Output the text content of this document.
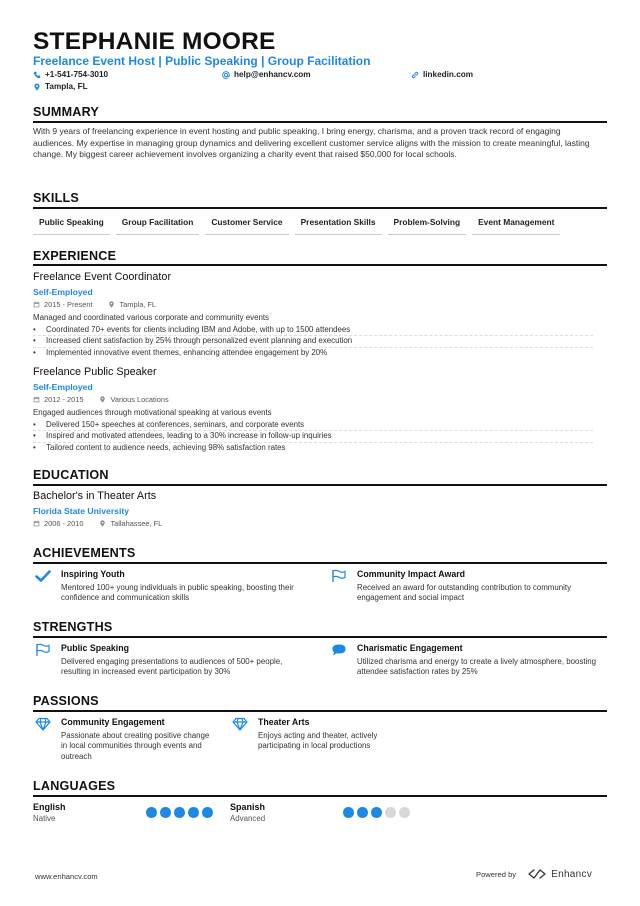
STEPHANIE MOORE
Freelance Event Host | Public Speaking | Group Facilitation
+1-541-754-3010	help@enhancv.com	linkedin.com
Tampla, FL
SUMMARY
With 9 years of freelancing experience in event hosting and public speaking, I bring energy, charisma, and a proven track record of engaging audiences. My expertise in managing group dynamics and delivering excellent customer service aligns with the mission to create meaningful, lasting change. My biggest career achievement involves organizing a charity event that raised $50,000 for local schools.
SKILLS
Public Speaking	Group Facilitation	Customer Service	Presentation Skills	Problem-Solving	Event Management
EXPERIENCE
Freelance Event Coordinator
Self-Employed
2015 - Present	Tampla, FL
Managed and coordinated various corporate and community events
• Coordinated 70+ events for clients including IBM and Adobe, with up to 1500 attendees
• Increased client satisfaction by 25% through personalized event planning and execution
• Implemented innovative event themes, enhancing attendee engagement by 20%
Freelance Public Speaker
Self-Employed
2012 - 2015	Various Locations
Engaged audiences through motivational speaking at various events
• Delivered 150+ speeches at conferences, seminars, and corporate events
• Inspired and motivated attendees, leading to a 30% increase in follow-up inquiries
• Tailored content to audience needs, achieving 98% satisfaction rates
EDUCATION
Bachelor's in Theater Arts
Florida State University
2006 - 2010	Tallahassee, FL
ACHIEVEMENTS
Inspiring Youth
Mentored 100+ young individuals in public speaking, boosting their confidence and communication skills
Community Impact Award
Received an award for outstanding contribution to community engagement and social impact
STRENGTHS
Public Speaking
Delivered engaging presentations to audiences of 500+ people, resulting in increased event participation by 30%
Charismatic Engagement
Utilized charisma and energy to create a lively atmosphere, boosting attendee satisfaction rates by 25%
PASSIONS
Community Engagement
Passionate about creating positive change in local communities through events and outreach
Theater Arts
Enjoys acting and theater, actively participating in local productions
LANGUAGES
English
Native
Spanish
Advanced
www.enhancv.com	Powered by	Enhancv
